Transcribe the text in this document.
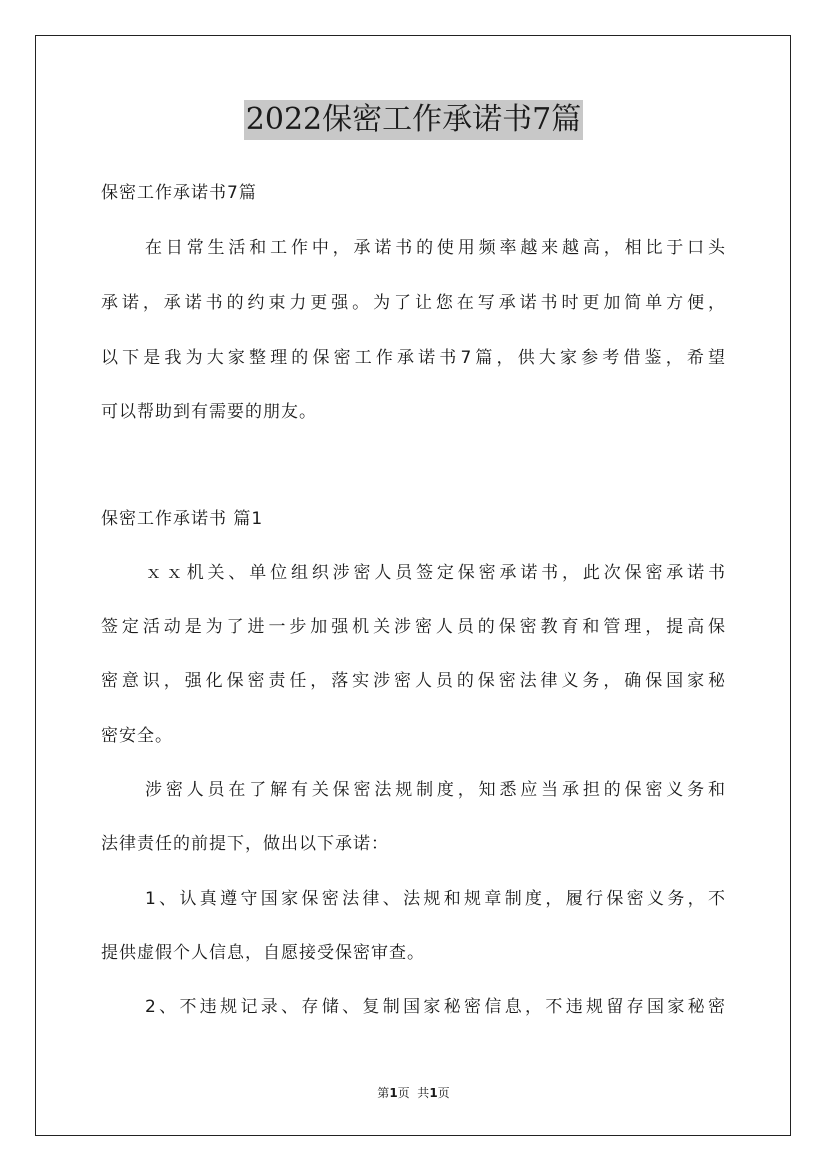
2022保密工作承诺书7篇
保密工作承诺书7篇
在日常生活和工作中，承诺书的使用频率越来越高，相比于口头
承诺，承诺书的约束力更强。为了让您在写承诺书时更加简单方便，
以下是我为大家整理的保密工作承诺书7篇，供大家参考借鉴，希望
可以帮助到有需要的朋友。
保密工作承诺书 篇1
ｘｘ机关、单位组织涉密人员签定保密承诺书，此次保密承诺书
签定活动是为了进一步加强机关涉密人员的保密教育和管理，提高保
密意识，强化保密责任，落实涉密人员的保密法律义务，确保国家秘
密安全。
涉密人员在了解有关保密法规制度，知悉应当承担的保密义务和
法律责任的前提下，做出以下承诺：
1、认真遵守国家保密法律、法规和规章制度，履行保密义务，不
提供虚假个人信息，自愿接受保密审查。
2、不违规记录、存储、复制国家秘密信息，不违规留存国家秘密
第1页  共1页
